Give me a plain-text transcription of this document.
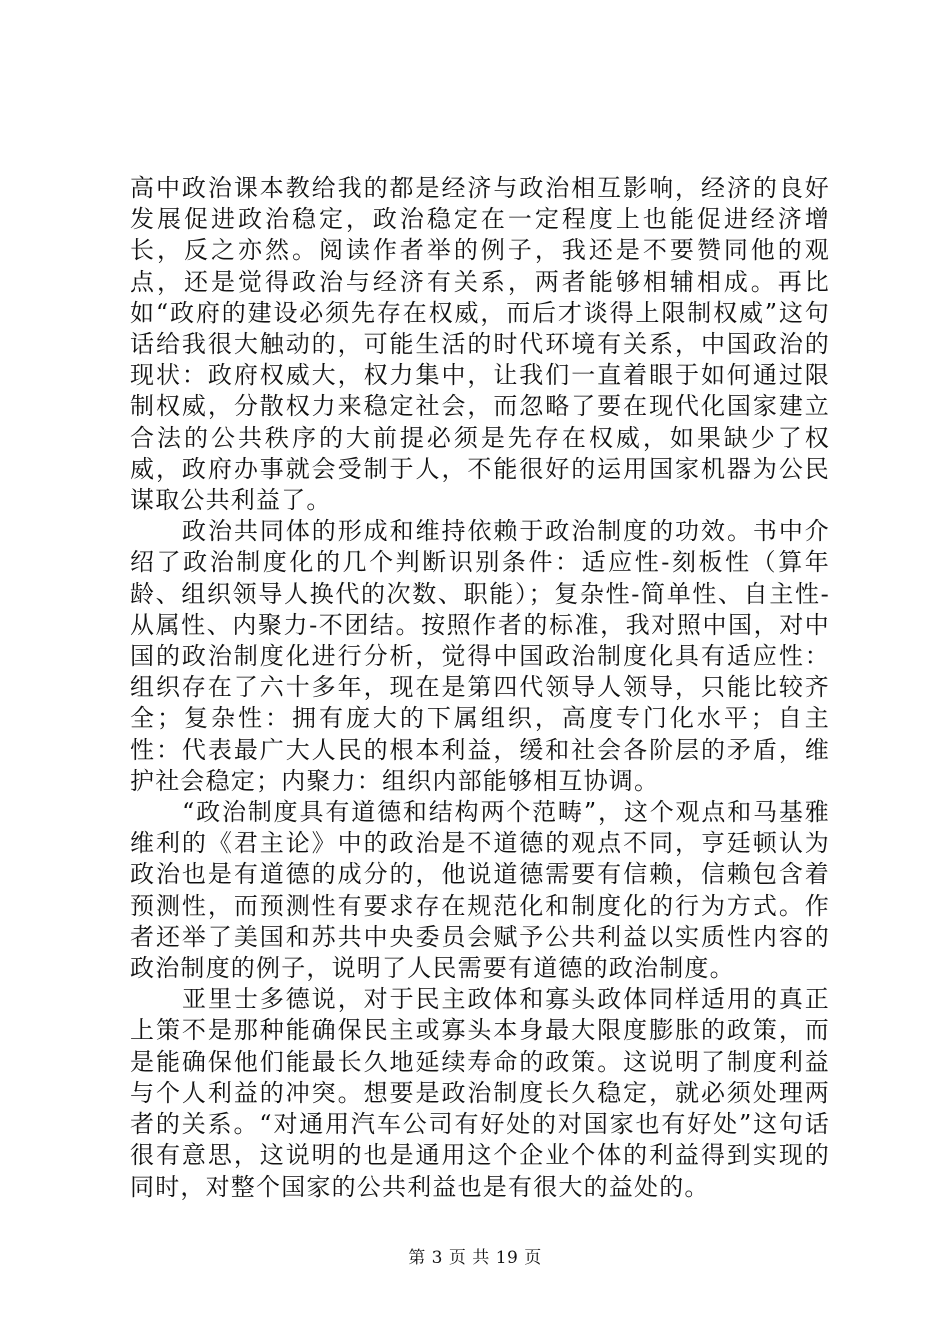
高中政治课本教给我的都是经济与政治相互影响，经济的良好发展促进政治稳定，政治稳定在一定程度上也能促进经济增长，反之亦然。阅读作者举的例子，我还是不要赞同他的观点，还是觉得政治与经济有关系，两者能够相辅相成。再比如“政府的建设必须先存在权威，而后才谈得上限制权威”这句话给我很大触动的，可能生活的时代环境有关系，中国政治的现状：政府权威大，权力集中，让我们一直着眼于如何通过限制权威，分散权力来稳定社会，而忽略了要在现代化国家建立合法的公共秩序的大前提必须是先存在权威，如果缺少了权威，政府办事就会受制于人，不能很好的运用国家机器为公民谋取公共利益了。

政治共同体的形成和维持依赖于政治制度的功效。书中介绍了政治制度化的几个判断识别条件：适应性-刻板性（算年龄、组织领导人换代的次数、职能）；复杂性-简单性、自主性-从属性、内聚力-不团结。按照作者的标准，我对照中国，对中国的政治制度化进行分析，觉得中国政治制度化具有适应性：组织存在了六十多年，现在是第四代领导人领导，只能比较齐全；复杂性：拥有庞大的下属组织，高度专门化水平；自主性：代表最广大人民的根本利益，缓和社会各阶层的矛盾，维护社会稳定；内聚力：组织内部能够相互协调。

“政治制度具有道德和结构两个范畴”，这个观点和马基雅维利的《君主论》中的政治是不道德的观点不同，亨廷顿认为政治也是有道德的成分的，他说道德需要有信赖，信赖包含着预测性，而预测性有要求存在规范化和制度化的行为方式。作者还举了美国和苏共中央委员会赋予公共利益以实质性内容的政治制度的例子，说明了人民需要有道德的政治制度。

亚里士多德说，对于民主政体和寡头政体同样适用的真正上策不是那种能确保民主或寡头本身最大限度膨胀的政策，而是能确保他们能最长久地延续寿命的政策。这说明了制度利益与个人利益的冲突。想要是政治制度长久稳定，就必须处理两者的关系。“对通用汽车公司有好处的对国家也有好处”这句话很有意思，这说明的也是通用这个企业个体的利益得到实现的同时，对整个国家的公共利益也是有很大的益处的。

第 3 页 共 19 页
